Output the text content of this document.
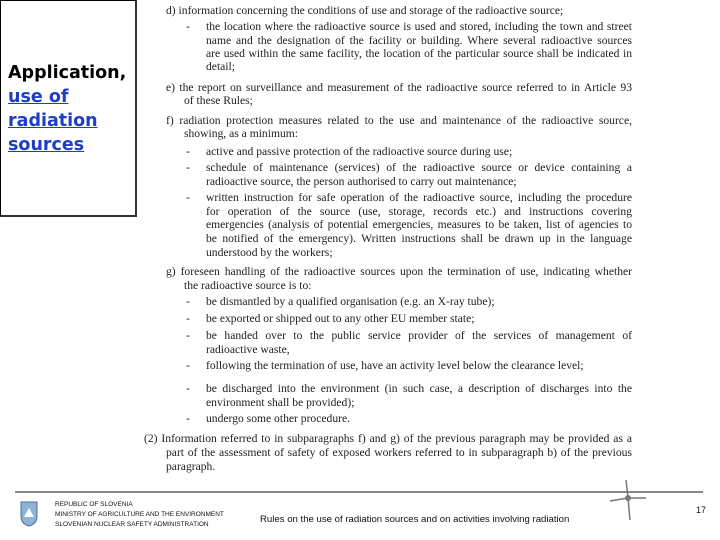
Application,
use of
radiation
sources
d) information concerning the conditions of use and storage of the radioactive source;
- the location where the radioactive source is used and stored, including the town and street
name and the designation of the facility or building. Where several radioactive sources
are used within the same facility, the location of the particular source shall be indicated in
detail;
e) the report on surveillance and measurement of the radioactive source referred to in Article 93
of these Rules;
f) radiation protection measures related to the use and maintenance of the radioactive source,
showing, as a minimum:
- active and passive protection of the radioactive source during use;
- schedule of maintenance (services) of the radioactive source or device containing a
radioactive source, the person authorised to carry out maintenance;
- written instruction for safe operation of the radioactive source, including the procedure
for operation of the source (use, storage, records etc.) and instructions covering
emergencies (analysis of potential emergencies, measures to be taken, list of agencies to
be notified of the emergency). Written instructions shall be drawn up in the language
understood by the workers;
g) foreseen handling of the radioactive sources upon the termination of use, indicating whether
the radioactive source is to:
- be dismantled by a qualified organisation (e.g. an X-ray tube);
- be exported or shipped out to any other EU member state;
- be handed over to the public service provider of the services of management of
radioactive waste,
- following the termination of use, have an activity level below the clearance level;
- be discharged into the environment (in such case, a description of discharges into the
environment shall be provided);
- undergo some other procedure.
(2) Information referred to in subparagraphs f) and g) of the previous paragraph may be provided as a
part of the assessment of safety of exposed workers referred to in subparagraph b) of the previous
paragraph.
REPUBLIC OF SLOVENIA
MINISTRY OF AGRICULTURE AND THE ENVIRONMENT
SLOVENIAN NUCLEAR SAFETY ADMINISTRATION	Rules on the use of radiation sources and on activities involving radiation
17
